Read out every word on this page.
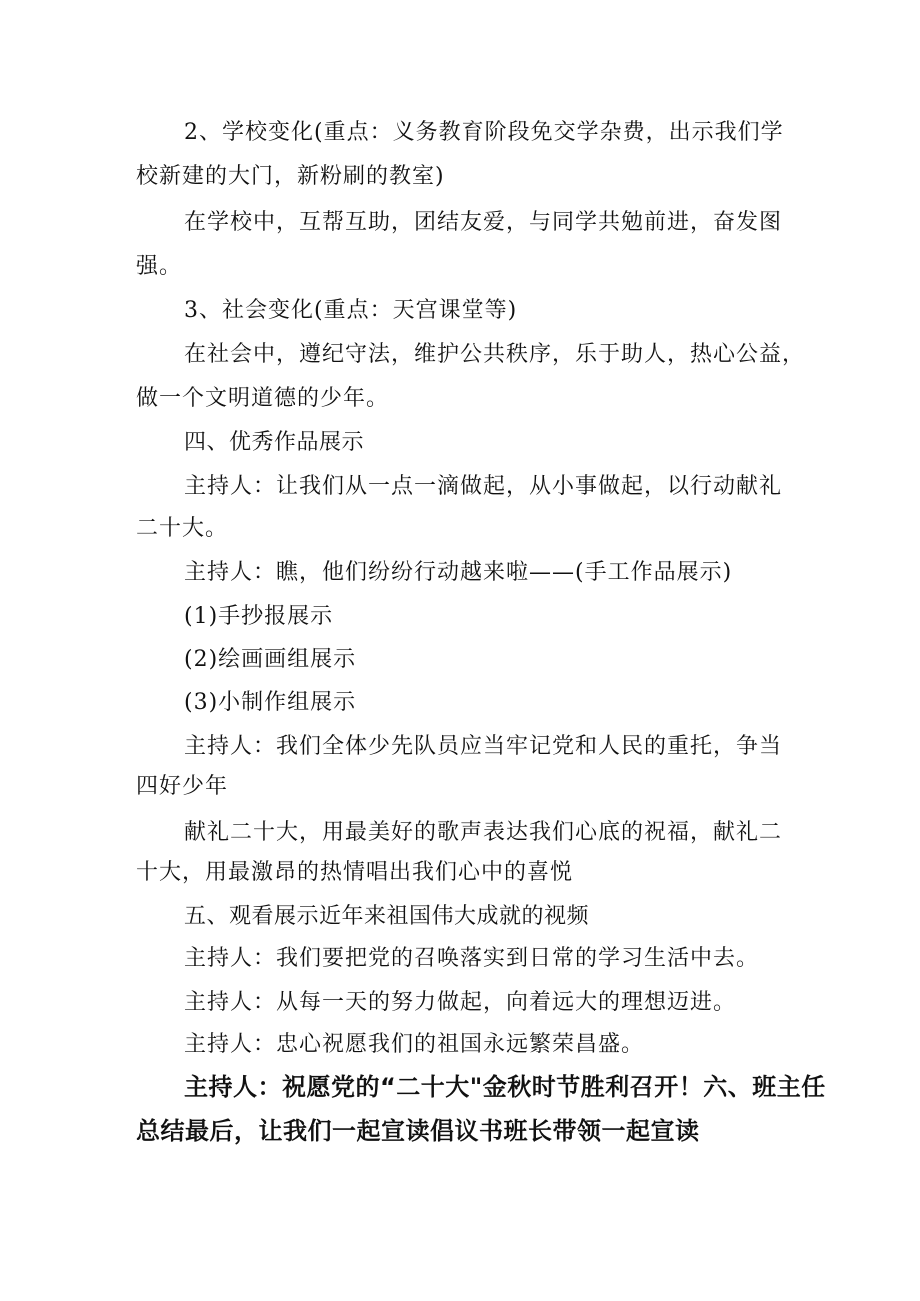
2、学校变化(重点：义务教育阶段免交学杂费，出示我们学
校新建的大门，新粉刷的教室)
在学校中，互帮互助，团结友爱，与同学共勉前进，奋发图
强。
3、社会变化(重点：天宫课堂等)
在社会中，遵纪守法，维护公共秩序，乐于助人，热心公益，
做一个文明道德的少年。
四、优秀作品展示
主持人：让我们从一点一滴做起，从小事做起，以行动献礼
二十大。
主持人：瞧，他们纷纷行动越来啦——(手工作品展示)
(1)手抄报展示
(2)绘画画组展示
(3)小制作组展示
主持人：我们全体少先队员应当牢记党和人民的重托，争当
四好少年
献礼二十大，用最美好的歌声表达我们心底的祝福，献礼二
十大，用最激昂的热情唱出我们心中的喜悦
五、观看展示近年来祖国伟大成就的视频
主持人：我们要把党的召唤落实到日常的学习生活中去。
主持人：从每一天的努力做起，向着远大的理想迈进。
主持人：忠心祝愿我们的祖国永远繁荣昌盛。
主持人：祝愿党的“二十大"金秋时节胜利召开！六、班主任
总结最后，让我们一起宣读倡议书班长带领一起宣读
